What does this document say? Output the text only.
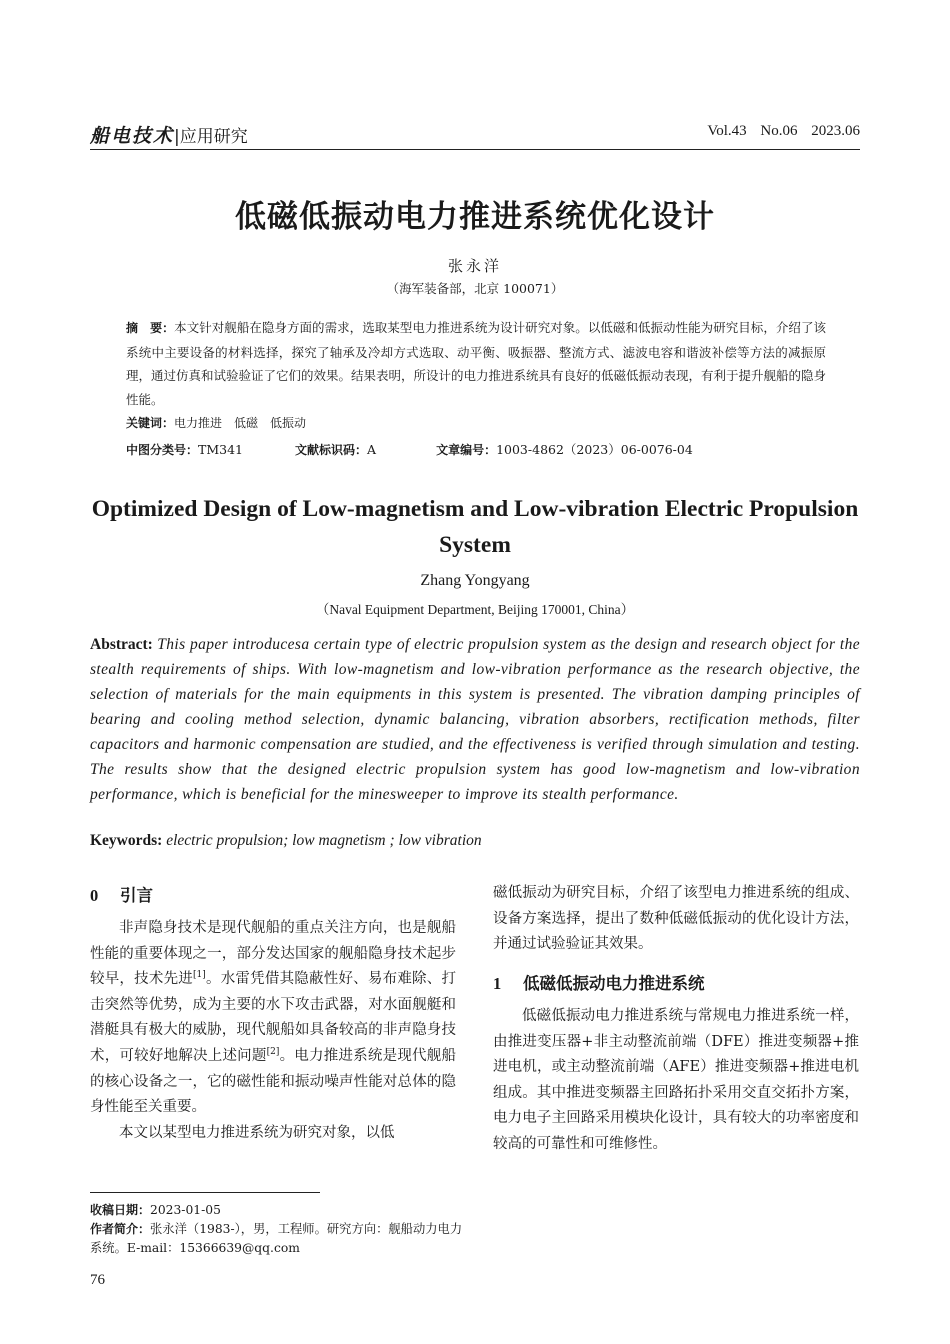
船电技术|应用研究	Vol.43 No.06 2023.06
低磁低振动电力推进系统优化设计
张永洋
（海军装备部，北京 100071）
摘　要：本文针对舰船在隐身方面的需求，选取某型电力推进系统为设计研究对象。以低磁和低振动性能为研究目标，介绍了该系统中主要设备的材料选择，探究了轴承及冷却方式选取、动平衡、吸振器、整流方式、滤波电容和谐波补偿等方法的减振原理，通过仿真和试验验证了它们的效果。结果表明，所设计的电力推进系统具有良好的低磁低振动表现，有利于提升舰船的隐身性能。
关键词：电力推进　低磁　低振动
中图分类号：TM341	文献标识码：A	文章编号：1003-4862（2023）06-0076-04
Optimized Design of Low-magnetism and Low-vibration Electric Propulsion System
Zhang Yongyang
（Naval Equipment Department, Beijing 170001, China）
Abstract: This paper introducesa certain type of electric propulsion system as the design and research object for the stealth requirements of ships. With low-magnetism and low-vibration performance as the research objective, the selection of materials for the main equipments in this system is presented. The vibration damping principles of bearing and cooling method selection, dynamic balancing, vibration absorbers, rectification methods, filter capacitors and harmonic compensation are studied, and the effectiveness is verified through simulation and testing. The results show that the designed electric propulsion system has good low-magnetism and low-vibration performance, which is beneficial for the minesweeper to improve its stealth performance.
Keywords: electric propulsion; low magnetism ; low vibration
0 引言

非声隐身技术是现代舰船的重点关注方向，也是舰船性能的重要体现之一，部分发达国家的舰船隐身技术起步较早，技术先进[1]。水雷凭借其隐蔽性好、易布难除、打击突然等优势，成为主要的水下攻击武器，对水面舰艇和潜艇具有极大的威胁，现代舰船如具备较高的非声隐身技术，可较好地解决上述问题[2]。电力推进系统是现代舰船的核心设备之一，它的磁性能和振动噪声性能对总体的隐身性能至关重要。

本文以某型电力推进系统为研究对象，以低

磁低振动为研究目标，介绍了该型电力推进系统的组成、设备方案选择，提出了数种低磁低振动的优化设计方法，并通过试验验证其效果。

1 低磁低振动电力推进系统

低磁低振动电力推进系统与常规电力推进系统一样，由推进变压器+非主动整流前端（DFE）推进变频器+推进电机，或主动整流前端（AFE）推进变频器+推进电机组成。其中推进变频器主回路拓扑采用交直交拓扑方案，电力电子主回路采用模块化设计，具有较大的功率密度和较高的可靠性和可维修性。

收稿日期：2023-01-05
作者简介：张永洋（1983-），男，工程师。研究方向：舰船动力电力系统。E-mail：15366639@qq.com
76
